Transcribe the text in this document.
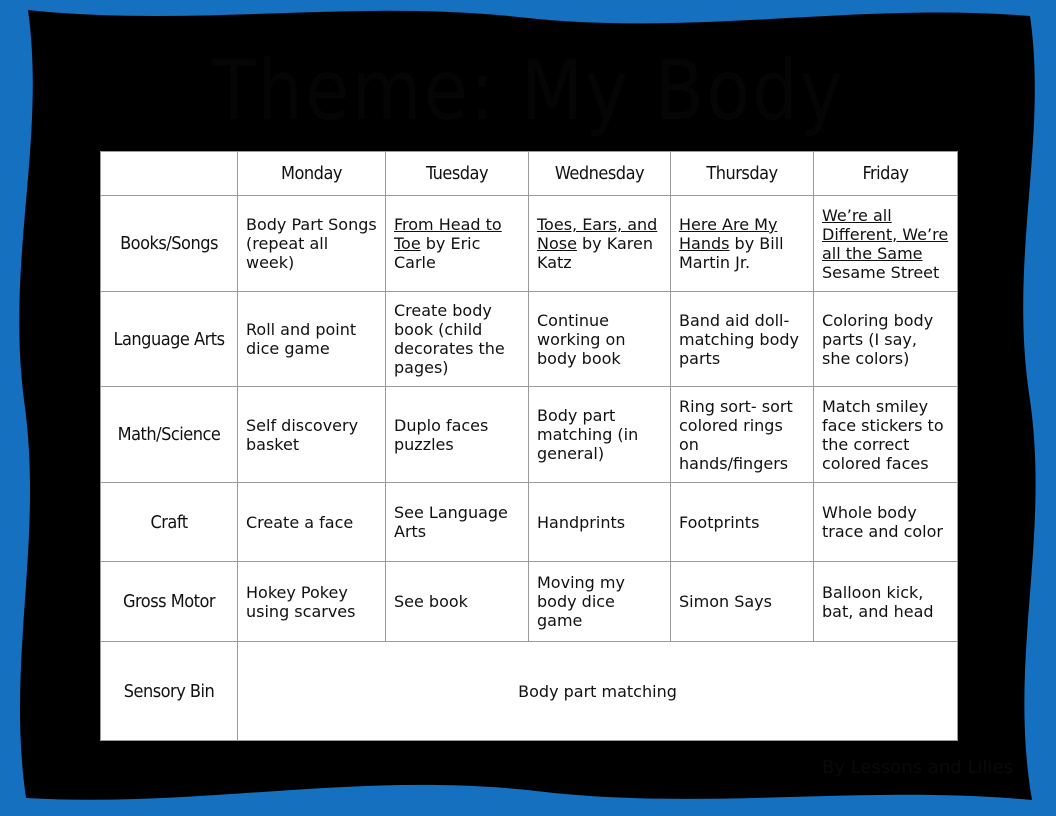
Theme: My Body
	Monday	Tuesday	Wednesday	Thursday	Friday
Books/Songs	Body Part Songs (repeat all week)	From Head to Toe by Eric Carle	Toes, Ears, and Nose by Karen Katz	Here Are My Hands by Bill Martin Jr.	We’re all Different, We’re all the Same Sesame Street
Language Arts	Roll and point dice game	Create body book (child decorates the pages)	Continue working on body book	Band aid doll-matching body parts	Coloring body parts (I say, she colors)
Math/Science	Self discovery basket	Duplo faces puzzles	Body part matching (in general)	Ring sort- sort colored rings on hands/fingers	Match smiley face stickers to the correct colored faces
Craft	Create a face	See Language Arts	Handprints	Footprints	Whole body trace and color
Gross Motor	Hokey Pokey using scarves	See book	Moving my body dice game	Simon Says	Balloon kick, bat, and head
Sensory Bin	Body part matching				
By Lessons and Lilies
